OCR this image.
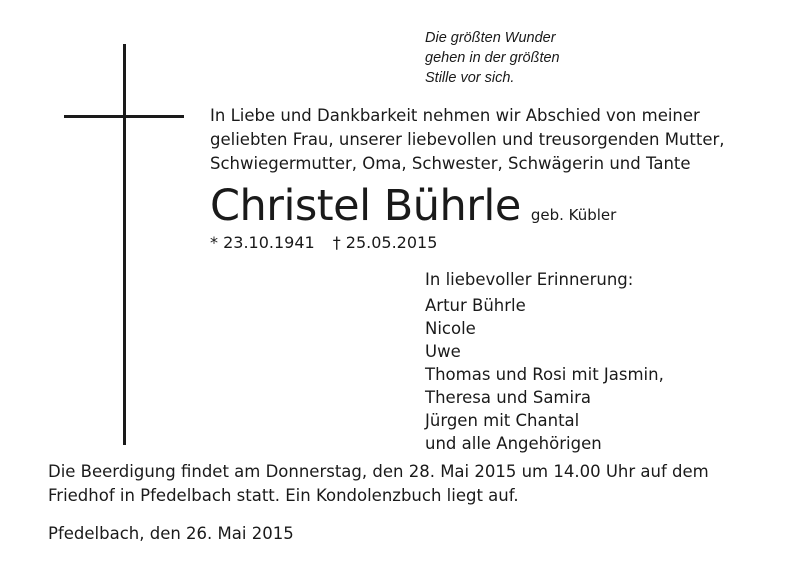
Die größten Wunder
gehen in der größten
Stille vor sich.
In Liebe und Dankbarkeit nehmen wir Abschied von meiner
geliebten Frau, unserer liebevollen und treusorgenden Mutter,
Schwiegermutter, Oma, Schwester, Schwägerin und Tante
Christel Bührle geb. Kübler
* 23.10.1941 † 25.05.2015
In liebevoller Erinnerung:
Artur Bührle
Nicole
Uwe
Thomas und Rosi mit Jasmin,
Theresa und Samira
Jürgen mit Chantal
und alle Angehörigen
Die Beerdigung findet am Donnerstag, den 28. Mai 2015 um 14.00 Uhr auf dem
Friedhof in Pfedelbach statt. Ein Kondolenzbuch liegt auf.
Pfedelbach, den 26. Mai 2015
